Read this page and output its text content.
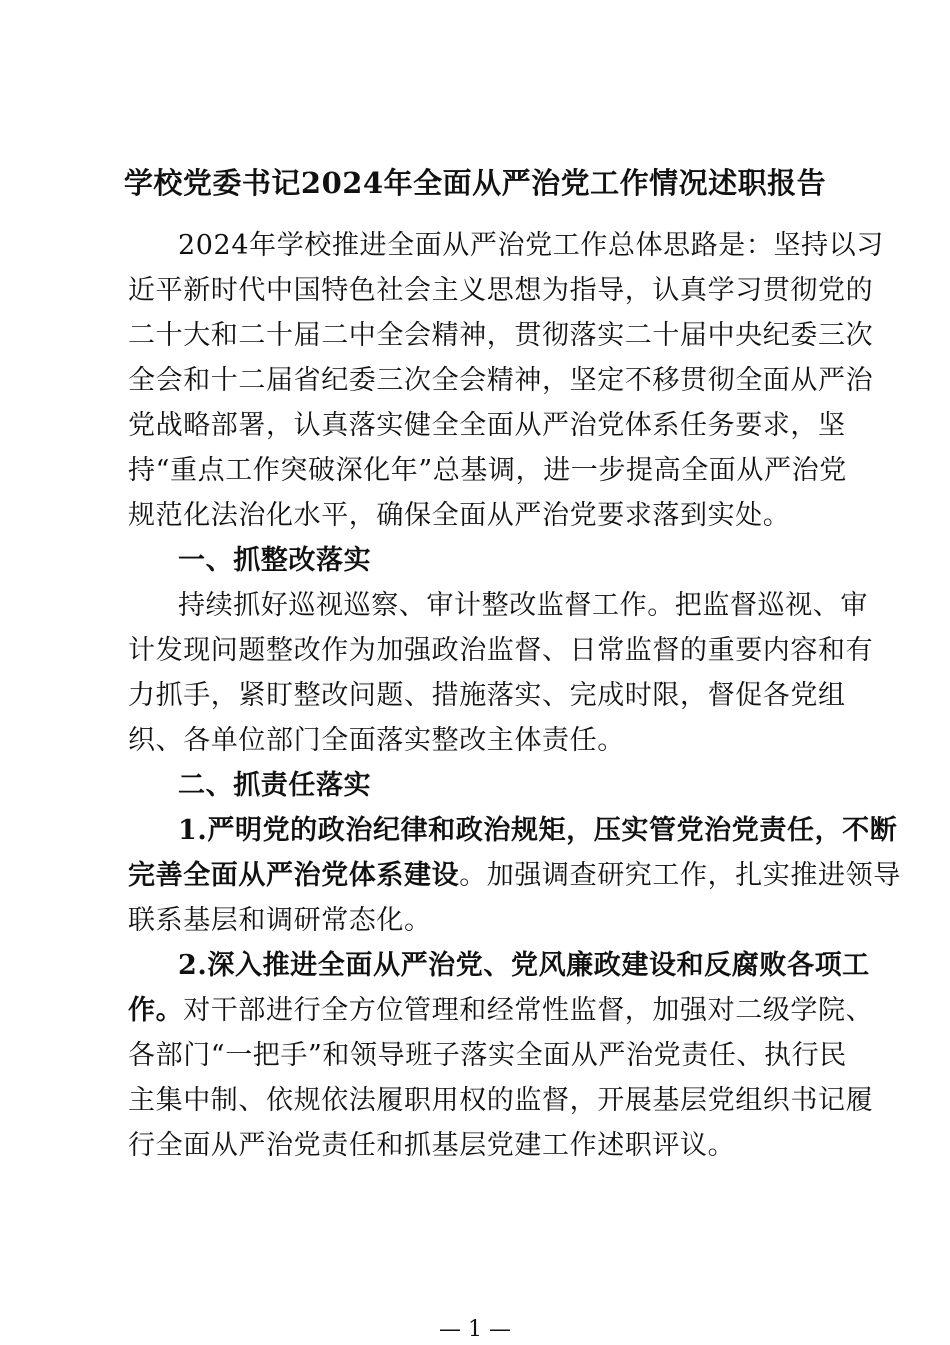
学校党委书记2024年全面从严治党工作情况述职报告
2024年学校推进全面从严治党工作总体思路是：坚持以习
近平新时代中国特色社会主义思想为指导，认真学习贯彻党的
二十大和二十届二中全会精神，贯彻落实二十届中央纪委三次
全会和十二届省纪委三次全会精神，坚定不移贯彻全面从严治
党战略部署，认真落实健全全面从严治党体系任务要求，坚
持“重点工作突破深化年”总基调，进一步提高全面从严治党
规范化法治化水平，确保全面从严治党要求落到实处。
一、抓整改落实
持续抓好巡视巡察、审计整改监督工作。把监督巡视、审
计发现问题整改作为加强政治监督、日常监督的重要内容和有
力抓手，紧盯整改问题、措施落实、完成时限，督促各党组
织、各单位部门全面落实整改主体责任。
二、抓责任落实
1.严明党的政治纪律和政治规矩，压实管党治党责任，不断
完善全面从严治党体系建设。加强调查研究工作，扎实推进领导
联系基层和调研常态化。
2.深入推进全面从严治党、党风廉政建设和反腐败各项工
作。对干部进行全方位管理和经常性监督，加强对二级学院、
各部门“一把手”和领导班子落实全面从严治党责任、执行民
主集中制、依规依法履职用权的监督，开展基层党组织书记履
行全面从严治党责任和抓基层党建工作述职评议。
— 1 —
